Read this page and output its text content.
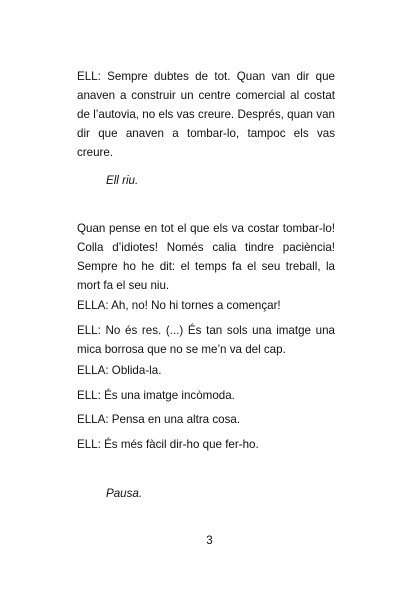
ELL: Sempre dubtes de tot. Quan van dir que anaven a construir un centre comercial al costat de l’autovia, no els vas creure. Després, quan van dir que anaven a tombar-lo, tampoc els vas creure.

Ell riu.

Quan pense en tot el que els va costar tombar-lo! Colla d’idiotes! Només calia tindre paciència! Sempre ho he dit: el temps fa el seu treball, la mort fa el seu niu.

ELLA: Ah, no! No hi tornes a començar!

ELL: No és res. (...) És tan sols una imatge una mica borrosa que no se me’n va del cap.

ELLA: Oblida-la.

ELL: És una imatge incòmoda.

ELLA: Pensa en una altra cosa.

ELL: És més fàcil dir-ho que fer-ho.

Pausa.

3
